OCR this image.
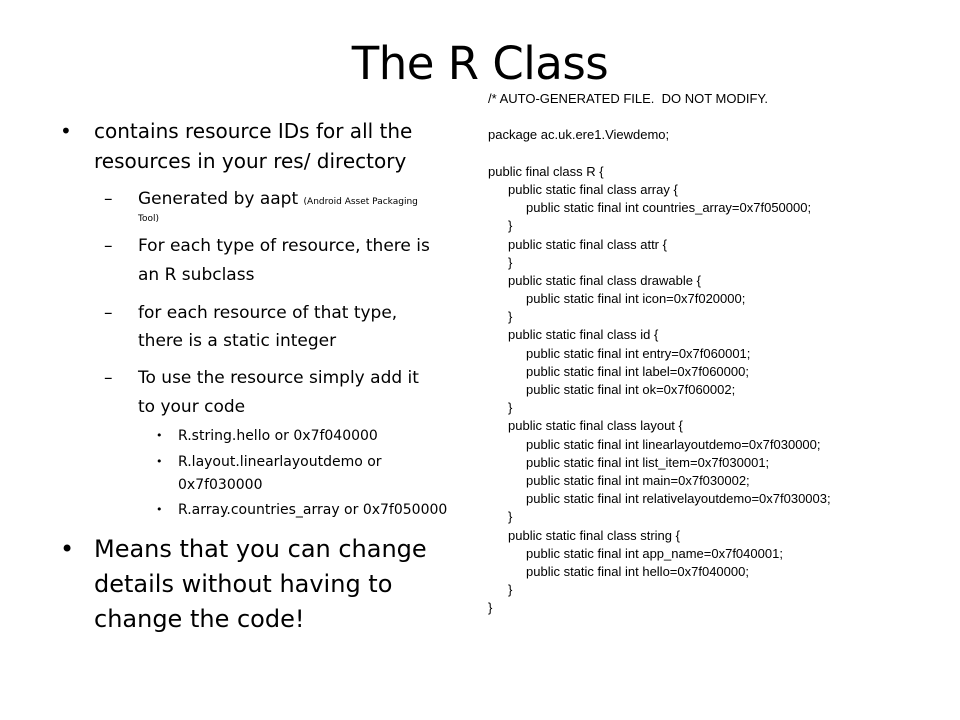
The R Class
• contains resource IDs for all the
resources in your res/ directory
– Generated by aapt (Android Asset Packaging
Tool)
– For each type of resource, there is
an R subclass
– for each resource of that type,
there is a static integer
– To use the resource simply add it
to your code
• R.string.hello or 0x7f040000
• R.layout.linearlayoutdemo or
0x7f030000
• R.array.countries_array or 0x7f050000
• Means that you can change
details without having to
change the code!
/* AUTO-GENERATED FILE.  DO NOT MODIFY.
package ac.uk.ere1.Viewdemo;
public final class R {
public static final class array {
public static final int countries_array=0x7f050000;
}
public static final class attr {
}
public static final class drawable {
public static final int icon=0x7f020000;
}
public static final class id {
public static final int entry=0x7f060001;
public static final int label=0x7f060000;
public static final int ok=0x7f060002;
}
public static final class layout {
public static final int linearlayoutdemo=0x7f030000;
public static final int list_item=0x7f030001;
public static final int main=0x7f030002;
public static final int relativelayoutdemo=0x7f030003;
}
public static final class string {
public static final int app_name=0x7f040001;
public static final int hello=0x7f040000;
}
}
